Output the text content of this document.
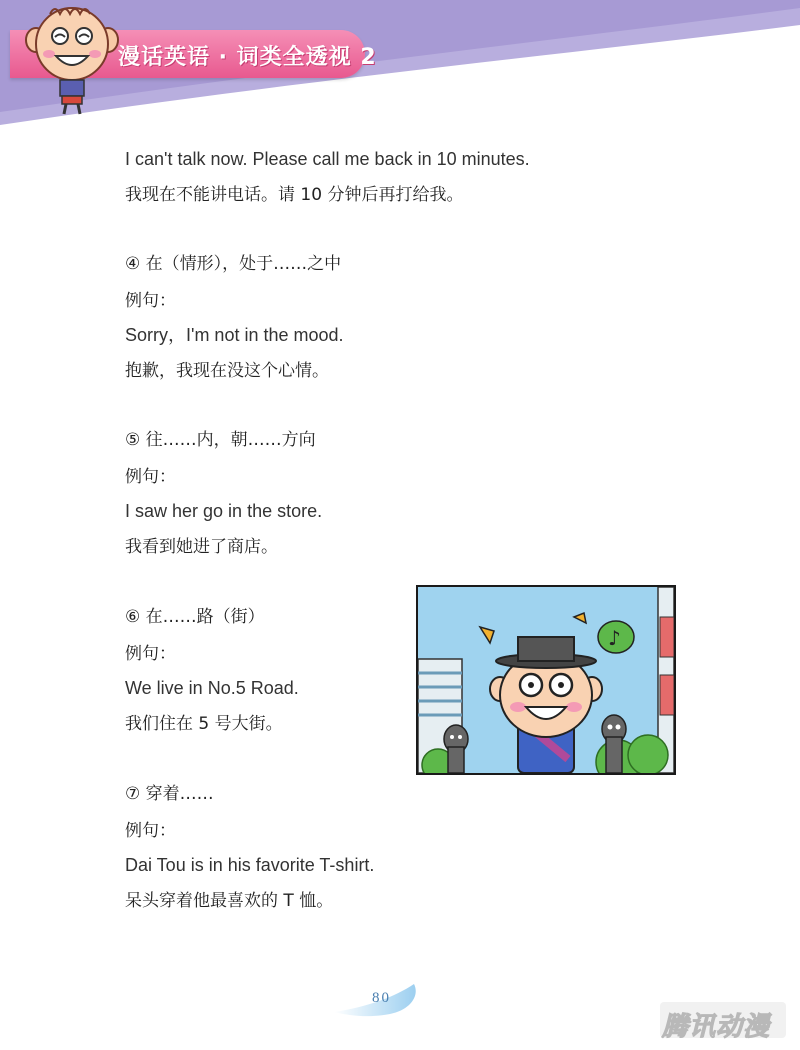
漫话英语 · 词类全透视 2
I can't talk now. Please call me back in 10 minutes.
我现在不能讲电话。请 10 分钟后再打给我。
④ 在（情形），处于……之中
例句：
Sorry，I'm not in the mood.
抱歉，我现在没这个心情。
⑤ 往……内，朝……方向
例句：
I saw her go in the store.
我看到她进了商店。
⑥ 在……路（街）
例句：
We live in No.5 Road.
我们住在 5 号大街。
⑦ 穿着……
例句：
Dai Tou is in his favorite T-shirt.
呆头穿着他最喜欢的 T 恤。
♪
80
腾讯动漫
